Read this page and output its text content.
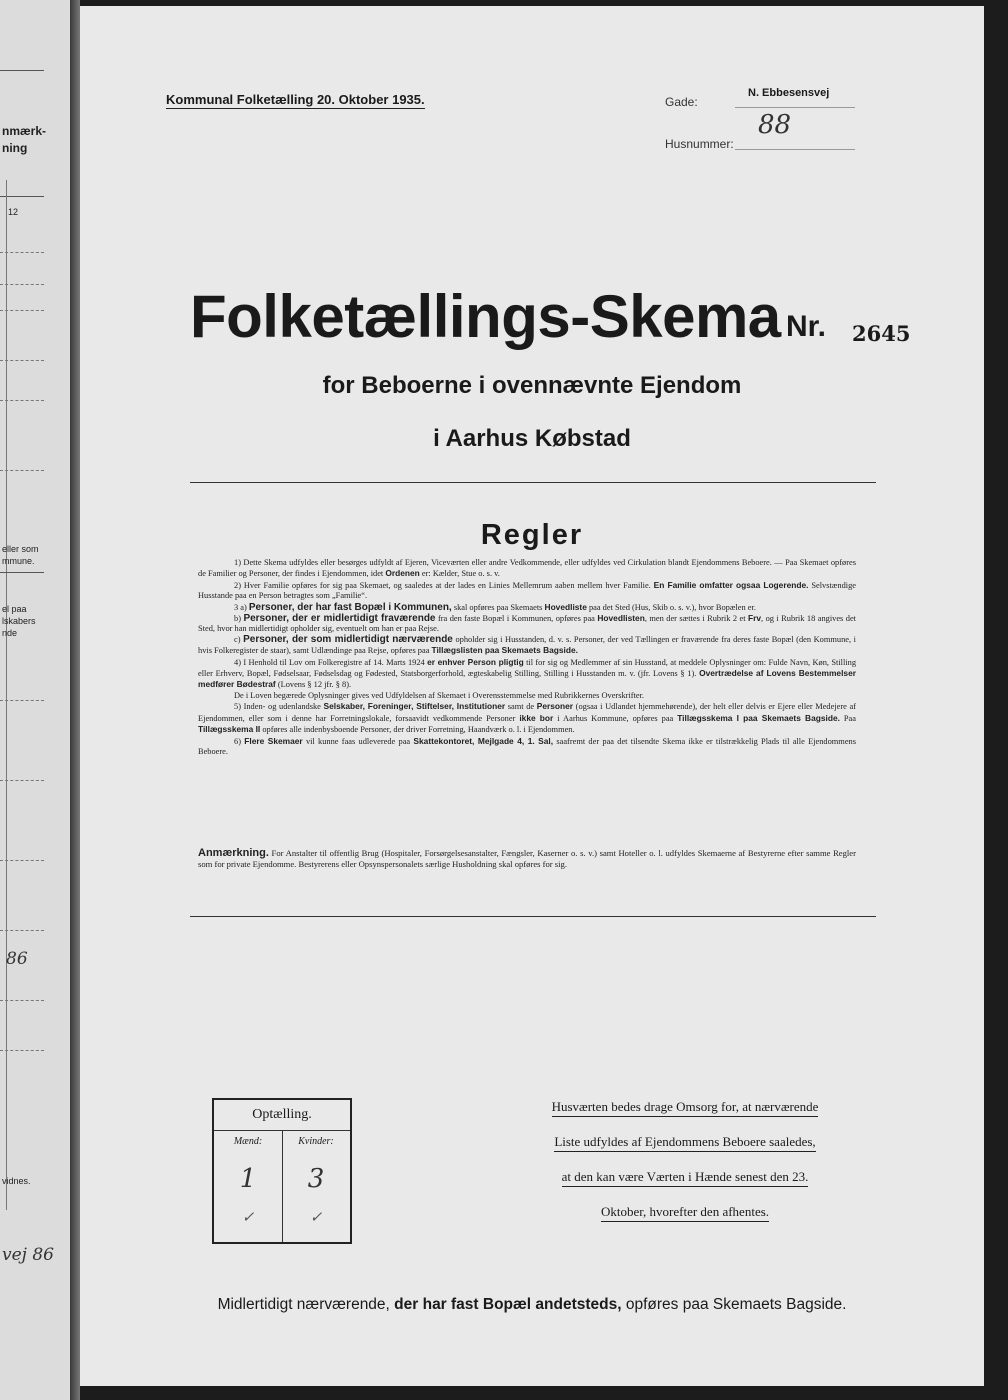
nmærk-
ning
12
eller som
mmune.
el paa
lskabers
nde
86
vidnes.
vej 86
Kommunal Folketælling 20. Oktober 1935.	Gade:
N. Ebbesensvej
Husnummer:
88
Folketællings-Skema Nr. 2645
for Beboerne i ovennævnte Ejendom
i Aarhus Købstad
Regler

1) Dette Skema udfyldes eller besørges udfyldt af Ejeren, Viceværten eller andre Vedkommende, eller udfyldes ved Cirkulation blandt Ejendommens Beboere. — Paa Skemaet opføres de Familier og Personer, der findes i Ejendommen, idet Ordenen er: Kælder, Stue o. s. v.

2) Hver Familie opføres for sig paa Skemaet, og saaledes at der lades en Linies Mellemrum aaben mellem hver Familie. En Familie omfatter ogsaa Logerende. Selvstændige Husstande paa en Person betragtes som „Familie“.

3 a) Personer, der har fast Bopæl i Kommunen, skal opføres paa Skemaets Hovedliste paa det Sted (Hus, Skib o. s. v.), hvor Bopælen er.

b) Personer, der er midlertidigt fraværende fra den faste Bopæl i Kommunen, opføres paa Hovedlisten, men der sættes i Rubrik 2 et Frv, og i Rubrik 18 angives det Sted, hvor han midlertidigt opholder sig, eventuelt om han er paa Rejse.

c) Personer, der som midlertidigt nærværende opholder sig i Husstanden, d. v. s. Personer, der ved Tællingen er fraværende fra deres faste Bopæl (den Kommune, i hvis Folkeregister de staar), samt Udlændinge paa Rejse, opføres paa Tillægslisten paa Skemaets Bagside.

4) I Henhold til Lov om Folkeregistre af 14. Marts 1924 er enhver Person pligtig til for sig og Medlemmer af sin Husstand, at meddele Oplysninger om: Fulde Navn, Køn, Stilling eller Erhverv, Bopæl, Fødselsaar, Fødselsdag og Fødested, Statsborgerforhold, ægteskabelig Stilling, Stilling i Husstanden m. v. (jfr. Lovens § 1). Overtrædelse af Lovens Bestemmelser medfører Bødestraf (Lovens § 12 jfr. § 8).

De i Loven begærede Oplysninger gives ved Udfyldelsen af Skemaet i Overensstemmelse med Rubrikkernes Overskrifter.

5) Inden- og udenlandske Selskaber, Foreninger, Stiftelser, Institutioner samt de Personer (ogsaa i Udlandet hjemmehørende), der helt eller delvis er Ejere eller Medejere af Ejendommen, eller som i denne har Forretningslokale, forsaavidt vedkommende Personer ikke bor i Aarhus Kommune, opføres paa Tillægsskema I paa Skemaets Bagside. Paa Tillægsskema II opføres alle indenbysboende Personer, der driver Forretning, Haandværk o. l. i Ejendommen.

6) Flere Skemaer vil kunne faas udleverede paa Skattekontoret, Mejlgade 4, 1. Sal, saafremt der paa det tilsendte Skema ikke er tilstrækkelig Plads til alle Ejendommens Beboere.

Anmærkning. For Anstalter til offentlig Brug (Hospitaler, Forsørgelsesanstalter, Fængsler, Kaserner o. s. v.) samt Hoteller o. l. udfyldes Skemaerne af Bestyrerne efter samme Regler som for private Ejendomme. Bestyrerens eller Opsynspersonalets særlige Husholdning skal opføres for sig.
Optælling.
Mænd:	Kvinder:
1	3
✓	✓
Husværten bedes drage Omsorg for, at nærværende
Liste udfyldes af Ejendommens Beboere saaledes,
at den kan være Værten i Hænde senest den 23.
Oktober, hvorefter den afhentes.
Midlertidigt nærværende, der har fast Bopæl andetsteds, opføres paa Skemaets Bagside.
